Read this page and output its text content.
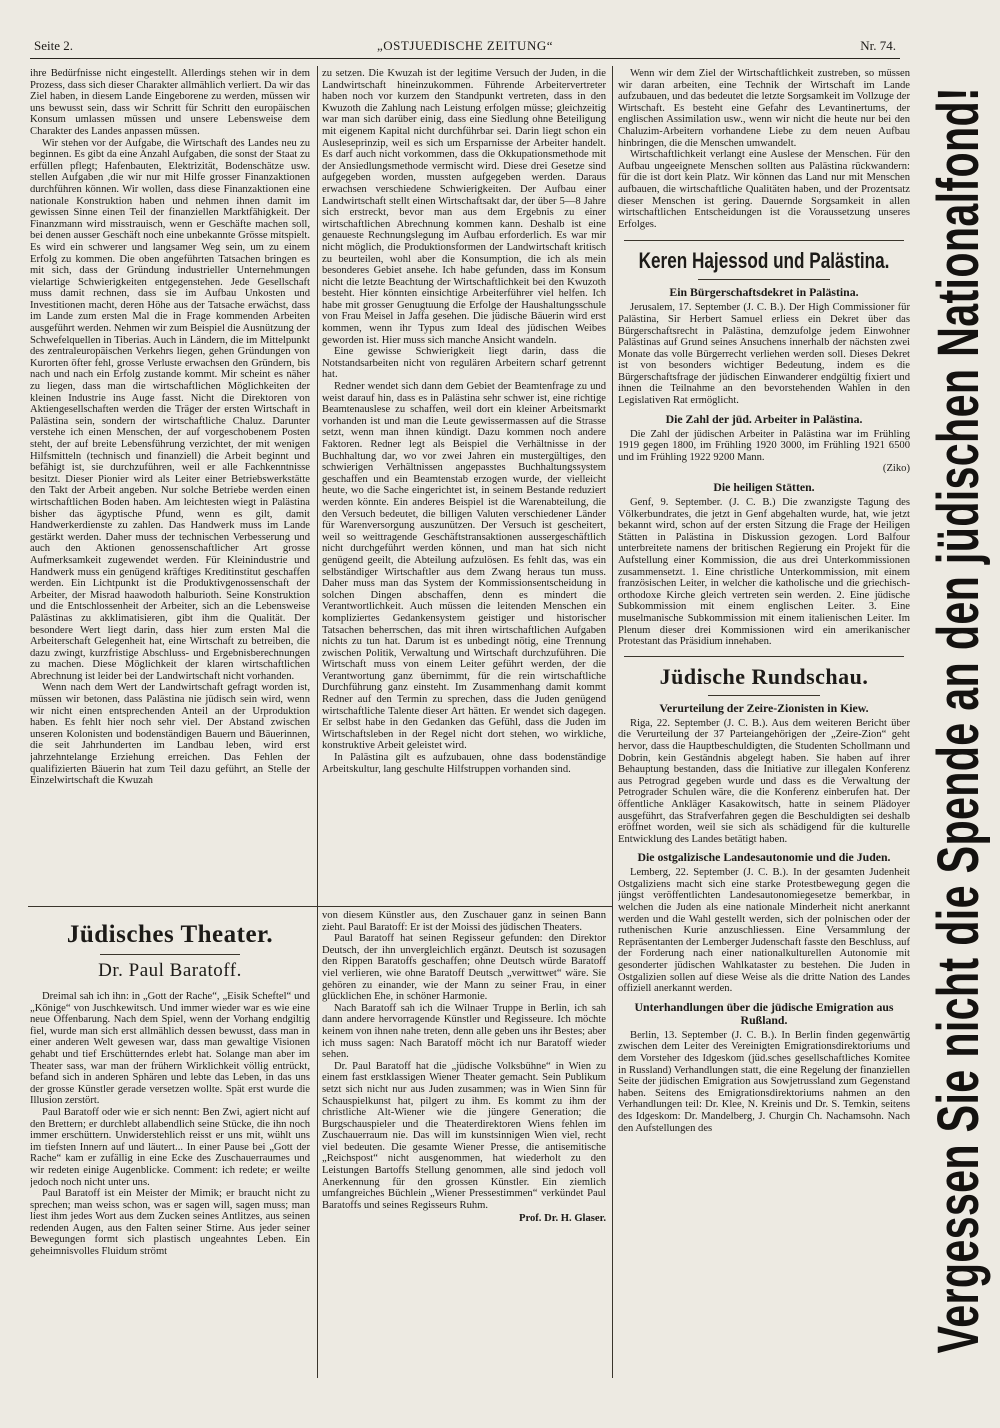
Seite 2.	„OSTJUEDISCHE ZEITUNG“	Nr. 74.

ihre Bedürfnisse nicht eingestellt. Allerdings stehen wir in dem Prozess, dass sich dieser Charakter allmählich verliert. Da wir das Ziel haben, in diesem Lande Eingeborene zu werden, müssen wir uns bewusst sein, dass wir Schritt für Schritt den europäischen Konsum umlassen müssen und unsere Lebensweise dem Charakter des Landes anpassen müssen.

Wir stehen vor der Aufgabe, die Wirtschaft des Landes neu zu beginnen. Es gibt da eine Anzahl Aufgaben, die sonst der Staat zu erfüllen pflegt; Hafenbauten, Elektrizität, Bodenschätze usw. stellen Aufgaben ,die wir nur mit Hilfe grosser Finanzaktionen durchführen können. Wir wollen, dass diese Finanzaktionen eine nationale Konstruktion haben und nehmen ihnen damit im gewissen Sinne einen Teil der finanziellen Marktfähigkeit. Der Finanzmann wird misstrauisch, wenn er Geschäfte machen soll, bei denen ausser Geschäft noch eine unbekannte Grösse mitspielt. Es wird ein schwerer und langsamer Weg sein, um zu einem Erfolg zu kommen. Die oben angeführten Tatsachen bringen es mit sich, dass der Gründung industrieller Unternehmungen vielartige Schwierigkeiten entgegenstehen. Jede Gesellschaft muss damit rechnen, dass sie im Aufbau Unkosten und Investitionen macht, deren Höhe aus der Tatsache erwächst, dass im Lande zum ersten Mal die in Frage kommenden Arbeiten ausgeführt werden. Nehmen wir zum Beispiel die Ausnützung der Schwefelquellen in Tiberias. Auch in Ländern, die im Mittelpunkt des zentraleuropäischen Verkehrs liegen, gehen Gründungen von Kurorten öfter fehl, grosse Verluste erwachsen den Gründern, bis nach und nach ein Erfolg zustande kommt. Mir scheint es näher zu liegen, dass man die wirtschaftlichen Möglichkeiten der kleinen Industrie ins Auge fasst. Nicht die Direktoren von Aktiengesellschaften werden die Träger der ersten Wirtschaft in Palästina sein, sondern der wirtschaftliche Chaluz. Darunter verstehe ich einen Menschen, der auf vorgeschobenem Posten steht, der auf breite Lebensführung verzichtet, der mit wenigen Hilfsmitteln (technisch und finanziell) die Arbeit beginnt und befähigt ist, sie durchzuführen, weil er alle Fachkenntnisse besitzt. Dieser Pionier wird als Leiter einer Betriebswerkstätte den Takt der Arbeit angeben. Nur solche Betriebe werden einen wirtschaftlichen Boden haben. Am leichtesten wiegt in Palästina bisher das ägyptische Pfund, wenn es gilt, damit Handwerkerdienste zu zahlen. Das Handwerk muss im Lande gestärkt werden. Daher muss der technischen Verbesserung und auch den Aktionen genossenschaftlicher Art grosse Aufmerksamkeit zugewendet werden. Für Kleinindustrie und Handwerk muss ein genügend kräftiges Kreditinstitut geschaffen werden. Ein Lichtpunkt ist die Produktivgenossenschaft der Arbeiter, der Misrad haawodoth halburioth. Seine Konstruktion und die Entschlossenheit der Arbeiter, sich an die Lebensweise Palästinas zu akklimatisieren, gibt ihm die Qualität. Der besondere Wert liegt darin, dass hier zum ersten Mal die Arbeiterschaft Gelegenheit hat, eine Wirtschaft zu betreiben, die dazu zwingt, kurzfristige Abschluss- und Ergebnisberechnungen zu machen. Diese Möglichkeit der klaren wirtschaftlichen Abrechnung ist leider bei der Landwirtschaft nicht vorhanden.

Wenn nach dem Wert der Landwirtschaft gefragt worden ist, müssen wir betonen, dass Palästina nie jüdisch sein wird, wenn wir nicht einen entsprechenden Anteil an der Urproduktion haben. Es fehlt hier noch sehr viel. Der Abstand zwischen unseren Kolonisten und bodenständigen Bauern und Bäuerinnen, die seit Jahrhunderten im Landbau leben, wird erst jahrzehntelange Erziehung erreichen. Das Fehlen der qualifizierten Bäuerin hat zum Teil dazu geführt, an Stelle der Einzelwirtschaft die Kwuzah

zu setzen. Die Kwuzah ist der legitime Versuch der Juden, in die Landwirtschaft hineinzukommen. Führende Arbeitervertreter haben noch vor kurzem den Standpunkt vertreten, dass in den Kwuzoth die Zahlung nach Leistung erfolgen müsse; gleichzeitig war man sich darüber einig, dass eine Siedlung ohne Beteiligung mit eigenem Kapital nicht durchführbar sei. Darin liegt schon ein Ausleseprinzip, weil es sich um Ersparnisse der Arbeiter handelt. Es darf auch nicht vorkommen, dass die Okkupationsmethode mit der Ansiedlungsmethode vermischt wird. Diese drei Gesetze sind aufgegeben worden, mussten aufgegeben werden. Daraus erwachsen verschiedene Schwierigkeiten. Der Aufbau einer Landwirtschaft stellt einen Wirtschaftsakt dar, der über 5—8 Jahre sich erstreckt, bevor man aus dem Ergebnis zu einer wirtschaftlichen Abrechnung kommen kann. Deshalb ist eine genaueste Rechnungslegung im Aufbau erforderlich. Es war mir nicht möglich, die Produktionsformen der Landwirtschaft kritisch zu beurteilen, wohl aber die Konsumption, die ich als mein besonderes Gebiet ansehe. Ich habe gefunden, dass im Konsum nicht die letzte Beachtung der Wirtschaftlichkeit bei den Kwuzoth besteht. Hier könnten einsichtige Arbeiterführer viel helfen. Ich habe mit grosser Genugtuung die Erfolge der Haushaltungsschule von Frau Meisel in Jaffa gesehen. Die jüdische Bäuerin wird erst kommen, wenn ihr Typus zum Ideal des jüdischen Weibes geworden ist. Hier muss sich manche Ansicht wandeln.

Eine gewisse Schwierigkeit liegt darin, dass die Notstandsarbeiten nicht von regulären Arbeitern scharf getrennt hat.

Redner wendet sich dann dem Gebiet der Beamtenfrage zu und weist darauf hin, dass es in Palästina sehr schwer ist, eine richtige Beamtenauslese zu schaffen, weil dort ein kleiner Arbeitsmarkt vorhanden ist und man die Leute gewissermassen auf die Strasse setzt, wenn man ihnen kündigt. Dazu kommen noch andere Faktoren. Redner legt als Beispiel die Verhältnisse in der Buchhaltung dar, wo vor zwei Jahren ein mustergültiges, den schwierigen Verhältnissen angepasstes Buchhaltungssystem geschaffen und ein Beamtenstab erzogen wurde, der vielleicht heute, wo die Sache eingerichtet ist, in seinem Bestande reduziert werden könnte. Ein anderes Beispiel ist die Warenabteilung, die den Versuch bedeutet, die billigen Valuten verschiedener Länder für Warenversorgung auszunützen. Der Versuch ist gescheitert, weil so weittragende Geschäftstransaktionen aussergeschäftlich nicht durchgeführt werden können, und man hat sich nicht genügend geeilt, die Abteilung aufzulösen. Es fehlt das, was ein selbständiger Wirtschaftler aus dem Zwang heraus tun muss. Daher muss man das System der Kommissionsentscheidung in solchen Dingen abschaffen, denn es mindert die Verantwortlichkeit. Auch müssen die leitenden Menschen ein kompliziertes Gedankensystem geistiger und historischer Tatsachen beherrschen, das mit ihren wirtschaftlichen Aufgaben nichts zu tun hat. Darum ist es unbedingt nötig, eine Trennung zwischen Politik, Verwaltung und Wirtschaft durchzuführen. Die Wirtschaft muss von einem Leiter geführt werden, der die Verantwortung ganz übernimmt, für die rein wirtschaftliche Durchführung ganz einsteht. Im Zusammenhang damit kommt Redner auf den Termin zu sprechen, dass die Juden genügend wirtschaftliche Talente dieser Art hätten. Er wendet sich dagegen. Er selbst habe in den Gedanken das Gefühl, dass die Juden im Wirtschaftsleben in der Regel nicht dort stehen, wo wirkliche, konstruktive Arbeit geleistet wird.

In Palästina gilt es aufzubauen, ohne dass bodenständige Arbeitskultur, lang geschulte Hilfstruppen vorhanden sind.

Jüdisches Theater.
Dr. Paul Baratoff.

Dreimal sah ich ihn: in „Gott der Rache“, „Eisik Scheftel“ und „Könige“ von Juschkewitsch. Und immer wieder war es wie eine neue Offenbarung. Nach dem Spiel, wenn der Vorhang endgiltig fiel, wurde man sich erst allmählich dessen bewusst, dass man in einer anderen Welt gewesen war, dass man gewaltige Visionen gehabt und tief Erschütterndes erlebt hat. Solange man aber im Theater sass, war man der frühern Wirklichkeit völlig entrückt, befand sich in anderen Sphären und lebte das Leben, in das uns der grosse Künstler gerade versetzen wollte. Spät erst wurde die Illusion zerstört.

Paul Baratoff oder wie er sich nennt: Ben Zwi, agiert nicht auf den Brettern; er durchlebt allabendlich seine Stücke, die ihn noch immer erschüttern. Unwiderstehlich reisst er uns mit, wühlt uns im tiefsten Innern auf und läutert... In einer Pause bei „Gott der Rache“ kam er zufällig in eine Ecke des Zuschauerraumes und wir redeten einige Augenblicke. Comment: ich redete; er weilte jedoch noch nicht unter uns.

Paul Baratoff ist ein Meister der Mimik; er braucht nicht zu sprechen; man weiss schon, was er sagen will, sagen muss; man liest ihm jedes Wort aus dem Zucken seines Antlitzes, aus seinen redenden Augen, aus den Falten seiner Stirne. Aus jeder seiner Bewegungen formt sich plastisch ungeahntes Leben. Ein geheimnisvolles Fluidum strömt

von diesem Künstler aus, den Zuschauer ganz in seinen Bann zieht. Paul Baratoff: Er ist der Moissi des jüdischen Theaters.

Paul Baratoff hat seinen Regisseur gefunden: den Direktor Deutsch, der ihn unvergleichlich ergänzt. Deutsch ist sozusagen den Rippen Baratoffs geschaffen; ohne Deutsch würde Baratoff viel verlieren, wie ohne Baratoff Deutsch „verwittwet“ wäre. Sie gehören zu einander, wie der Mann zu seiner Frau, in einer glücklichen Ehe, in schöner Harmonie.

Nach Baratoff sah ich die Wilnaer Truppe in Berlin, ich sah dann andere hervorragende Künstler und Regisseure. Ich möchte keinem von ihnen nahe treten, denn alle geben uns ihr Bestes; aber ich muss sagen: Nach Baratoff möcht ich nur Baratoff wieder sehen.

Dr. Paul Baratoff hat die „jüdische Volksbühne“ in Wien zu einem fast erstklassigen Wiener Theater gemacht. Sein Publikum setzt sich nicht nur aus Juden zusammen; was in Wien Sinn für Schauspielkunst hat, pilgert zu ihm. Es kommt zu ihm der christliche Alt-Wiener wie die jüngere Generation; die Burgschauspieler und die Theaterdirektoren Wiens fehlen im Zuschauerraum nie. Das will im kunstsinnigen Wien viel, recht viel bedeuten. Die gesamte Wiener Presse, die antisemitische „Reichspost“ nicht ausgenommen, hat wiederholt zu den Leistungen Bartoffs Stellung genommen, alle sind jedoch voll Anerkennung für den grossen Künstler. Ein ziemlich umfangreiches Büchlein „Wiener Pressestimmen“ verkündet Paul Baratoffs und seines Regisseurs Ruhm.

Prof. Dr. H. Glaser.

Wenn wir dem Ziel der Wirtschaftlichkeit zustreben, so müssen wir daran arbeiten, eine Technik der Wirtschaft im Lande aufzubauen, und das bedeutet die letzte Sorgsamkeit im Vollzuge der Wirtschaft. Es besteht eine Gefahr des Levantinertums, der englischen Assimilation usw., wenn wir nicht die heute nur bei den Chaluzim-Arbeitern vorhandene Liebe zu dem neuen Aufbau hinbringen, die die Menschen umwandelt.

Wirtschaftlichkeit verlangt eine Auslese der Menschen. Für den Aufbau ungeeignete Menschen sollten aus Palästina rückwandern: für die ist dort kein Platz. Wir können das Land nur mit Menschen aufbauen, die wirtschaftliche Qualitäten haben, und der Prozentsatz dieser Menschen ist gering. Dauernde Sorgsamkeit in allen wirtschaftlichen Entscheidungen ist die Voraussetzung unseres Erfolges.

Keren Hajessod und Palästina.
Ein Bürgerschaftsdekret in Palästina.

Jerusalem, 17. September (J. C. B.). Der High Commissioner für Palästina, Sir Herbert Samuel erliess ein Dekret über das Bürgerschaftsrecht in Palästina, demzufolge jedem Einwohner Palästinas auf Grund seines Ansuchens innerhalb der nächsten zwei Monate das volle Bürgerrecht verliehen werden soll. Dieses Dekret ist von besonders wichtiger Bedeutung, indem es die Bürgerschaftsfrage der jüdischen Einwanderer endgültig fixiert und ihnen die Teilnahme an den bevorstehenden Wahlen in den Legislativen Rat ermöglicht.

Die Zahl der jüd. Arbeiter in Palästina.

Die Zahl der jüdischen Arbeiter in Palästina war im Frühling 1919 gegen 1800, im Frühling 1920 3000, im Frühling 1921 6500 und im Frühling 1922 9200 Mann.

(Ziko)
Die heiligen Stätten.

Genf, 9. September. (J. C. B.) Die zwanzigste Tagung des Völkerbundrates, die jetzt in Genf abgehalten wurde, hat, wie jetzt bekannt wird, schon auf der ersten Sitzung die Frage der Heiligen Stätten in Palästina in Diskussion gezogen. Lord Balfour unterbreitete namens der britischen Regierung ein Projekt für die Aufstellung einer Kommission, die aus drei Unterkommissionen zusammensetzt. 1. Eine christliche Unterkommission, mit einem französischen Leiter, in welcher die katholische und die griechisch-orthodoxe Kirche gleich vertreten sein werden. 2. Eine jüdische Subkommission mit einem englischen Leiter. 3. Eine muselmanische Subkommission mit einem italienischen Leiter. Im Plenum dieser drei Kommissionen wird ein amerikanischer Protestant das Präsidium innehaben.

Jüdische Rundschau.
Verurteilung der Zeire-Zionisten in Kiew.

Riga, 22. September (J. C. B.). Aus dem weiteren Bericht über die Verurteilung der 37 Parteiangehörigen der „Zeire-Zion“ geht hervor, dass die Hauptbeschuldigten, die Studenten Schollmann und Dobrin, kein Geständnis abgelegt haben. Sie haben auf ihrer Behauptung bestanden, dass die Initiative zur illegalen Konferenz aus Petrograd gegeben wurde und dass es die Verwaltung der Petrograder Schulen wäre, die die Konferenz einberufen hat. Der öffentliche Ankläger Kasakowitsch, hatte in seinem Plädoyer ausgeführt, das Strafverfahren gegen die Beschuldigten sei deshalb eröffnet worden, weil sie sich als schädigend für die kulturelle Entwicklung des Landes betätigt haben.

Die ostgalizische Landesautonomie und die Juden.

Lemberg, 22. September (J. C. B.). In der gesamten Judenheit Ostgaliziens macht sich eine starke Protestbewegung gegen die jüngst veröffentlichten Landesautonomiegesetze bemerkbar, in welchen die Juden als eine nationale Minderheit nicht anerkannt werden und die Wahl gestellt werden, sich der polnischen oder der ruthenischen Kurie anzuschliessen. Eine Versammlung der Repräsentanten der Lemberger Judenschaft fasste den Beschluss, auf der Forderung nach einer nationalkulturellen Autonomie mit gesonderter jüdischen Wahlkataster zu bestehen. Die Juden in Ostgalizien sollen auf diese Weise als die dritte Nation des Landes offiziell anerkannt werden.

Unterhandlungen über die jüdische Emigration aus Rußland.

Berlin, 13. September (J. C. B.). In Berlin finden gegenwärtig zwischen dem Leiter des Vereinigten Emigrationsdirektoriums und dem Vorsteher des Idgeskom (jüd.sches gesellschaftliches Komitee in Russland) Verhandlungen statt, die eine Regelung der finanziellen Seite der jüdischen Emigration aus Sowjetrussland zum Gegenstand haben. Seitens des Emigrationsdirektoriums nahmen an den Verhandlungen teil: Dr. Klee, N. Kreinis und Dr. S. Temkin, seitens des Idgeskom: Dr. Mandelberg, J. Churgin Ch. Nachamsohn. Nach den Aufstellungen des	Vergessen Sie nicht die Spende an den jüdischen Nationalfond!
